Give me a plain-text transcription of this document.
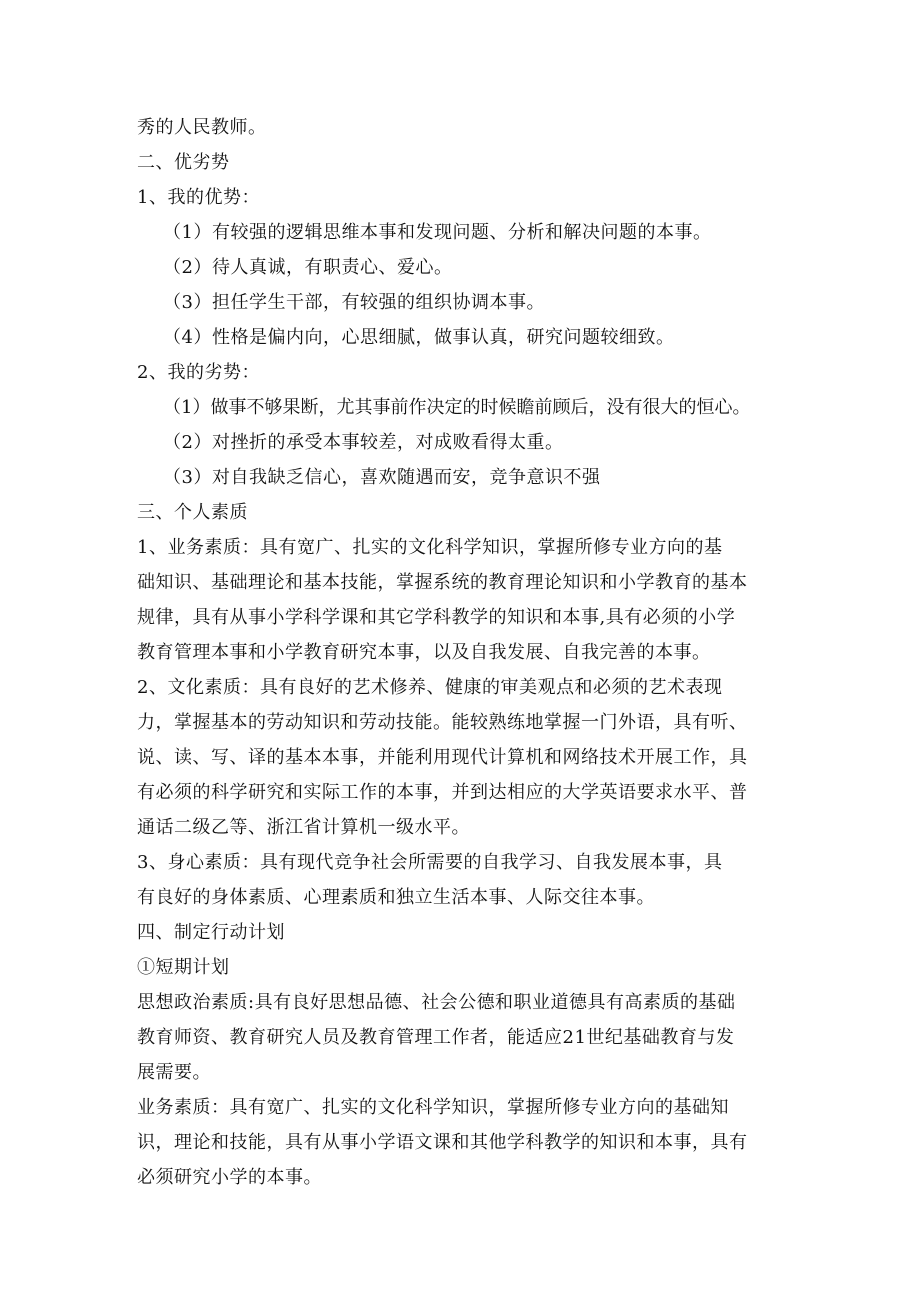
秀的人民教师。
二、优劣势
1、我的优势：
（1）有较强的逻辑思维本事和发现问题、分析和解决问题的本事。
（2）待人真诚，有职责心、爱心。
（3）担任学生干部，有较强的组织协调本事。
（4）性格是偏内向，心思细腻，做事认真，研究问题较细致。
2、我的劣势：
（1）做事不够果断，尤其事前作决定的时候瞻前顾后，没有很大的恒心。
（2）对挫折的承受本事较差，对成败看得太重。
（3）对自我缺乏信心，喜欢随遇而安，竞争意识不强
三、个人素质
1、业务素质：具有宽广、扎实的文化科学知识，掌握所修专业方向的基
础知识、基础理论和基本技能，掌握系统的教育理论知识和小学教育的基本
规律，具有从事小学科学课和其它学科教学的知识和本事,具有必须的小学
教育管理本事和小学教育研究本事，以及自我发展、自我完善的本事。
2、文化素质：具有良好的艺术修养、健康的审美观点和必须的艺术表现
力，掌握基本的劳动知识和劳动技能。能较熟练地掌握一门外语，具有听、
说、读、写、译的基本本事，并能利用现代计算机和网络技术开展工作，具
有必须的科学研究和实际工作的本事，并到达相应的大学英语要求水平、普
通话二级乙等、浙江省计算机一级水平。
3、身心素质：具有现代竞争社会所需要的自我学习、自我发展本事，具
有良好的身体素质、心理素质和独立生活本事、人际交往本事。
四、制定行动计划
①短期计划
思想政治素质:具有良好思想品德、社会公德和职业道德具有高素质的基础
教育师资、教育研究人员及教育管理工作者，能适应21世纪基础教育与发
展需要。
业务素质：具有宽广、扎实的文化科学知识，掌握所修专业方向的基础知
识，理论和技能，具有从事小学语文课和其他学科教学的知识和本事，具有
必须研究小学的本事。
